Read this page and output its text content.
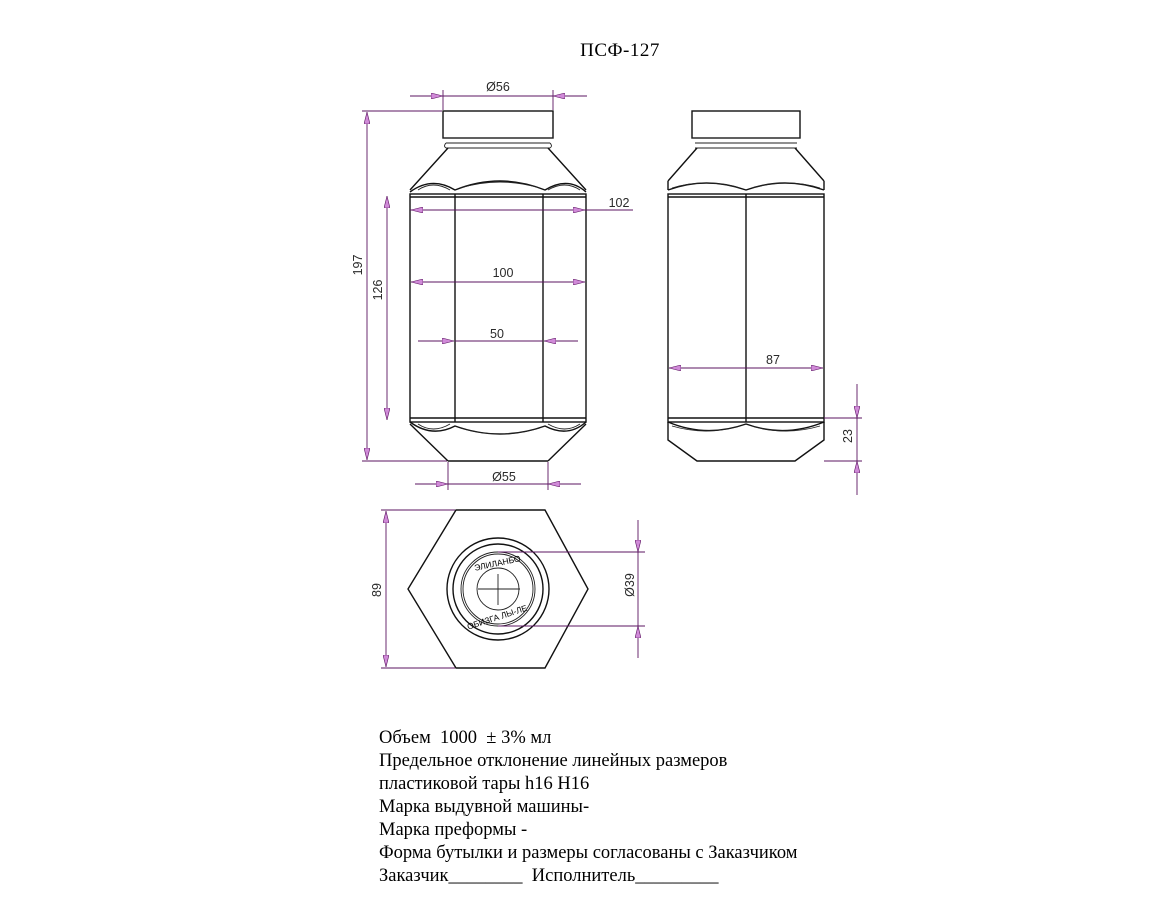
ПСФ-127
ЭЛИЛАНБО
ОБИЗГА ЛЫ-ЛЕ
Ø56
197
126
102
100
50
Ø55
87
23
89	Ø39
Объем  1000  ± 3% мл
Предельное отклонение линейных размеров
пластиковой тары h16 H16
Марка выдувной машины-
Марка преформы -
Форма бутылки и размеры согласованы с Заказчиком
Заказчик________  Исполнитель_________
